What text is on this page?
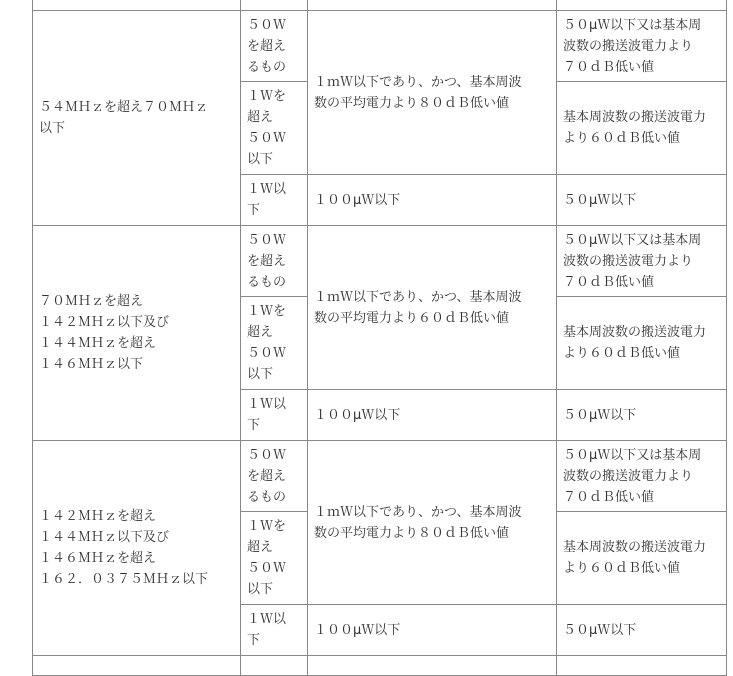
５４ＭＨｚを超え７０ＭＨｚ
以下	５０Ｗ
を超え
るもの	１ｍＷ以下であり、かつ、基本周波
数の平均電力より８０ｄＢ低い値	５０μＷ以下又は基本周
波数の搬送波電力より
７０ｄＢ低い値

	１Ｗを
超え
５０Ｗ
以下		基本周波数の搬送波電力
より６０ｄＢ低い値

	１Ｗ以
下	１００μＷ以下	５０μＷ以下

７０ＭＨｚを超え
１４２ＭＨｚ以下及び
１４４ＭＨｚを超え
１４６ＭＨｚ以下	５０Ｗ
を超え
るもの	１ｍＷ以下であり、かつ、基本周波
数の平均電力より６０ｄＢ低い値	５０μＷ以下又は基本周
波数の搬送波電力より
７０ｄＢ低い値

	１Ｗを
超え
５０Ｗ
以下		基本周波数の搬送波電力
より６０ｄＢ低い値

	１Ｗ以
下	１００μＷ以下	５０μＷ以下

１４２ＭＨｚを超え
１４４ＭＨｚ以下及び
１４６ＭＨｚを超え
１６２．０３７５ＭＨｚ以下	５０Ｗ
を超え
るもの	１ｍＷ以下であり、かつ、基本周波
数の平均電力より８０ｄＢ低い値	５０μＷ以下又は基本周
波数の搬送波電力より
７０ｄＢ低い値

	１Ｗを
超え
５０Ｗ
以下		基本周波数の搬送波電力
より６０ｄＢ低い値

	１Ｗ以
下	１００μＷ以下	５０μＷ以下
